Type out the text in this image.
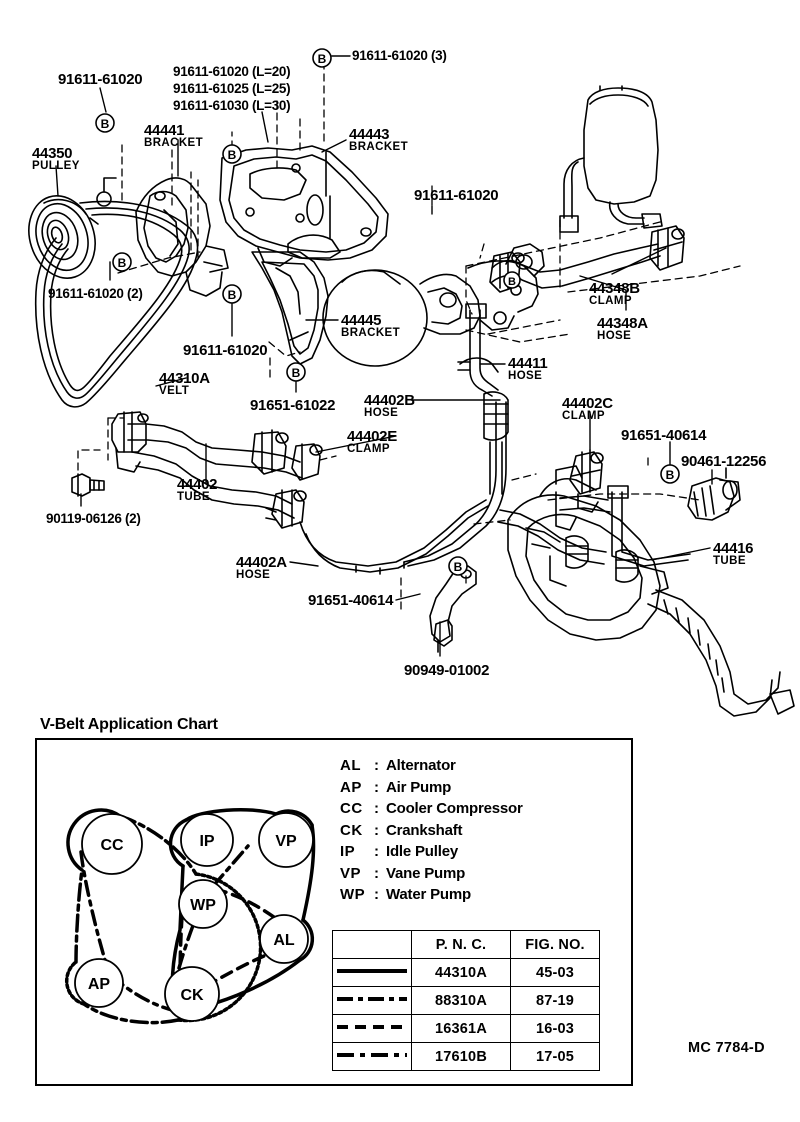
B
B
B
B
B
B
B
B
B
91611-61020 91611-61020 (L=20)
91611-61025 (L=25)
91611-61030 (L=30)
91611-61020 (3)
44441
BRACKET
44443
BRACKET
44350
PULLEY
91611-61020
44348B
CLAMP
44348A
HOSE
91611-61020 (2)
91611-61020
44445
BRACKET
44411
HOSE
44310A
VELT
91651-61022 44402B
HOSE
44402C
CLAMP
44402E
CLAMP
91651-40614
90461-12256
44402
TUBE
90119-06126 (2)
44416
TUBE
44402A
HOSE
91651-40614
90949-01002
V-Belt Application Chart
CC	IP	VP
WP
AL
AP
CK
AL : Alternator
AP : Air Pump
CC : Cooler Compressor
CK : Crankshaft
IP	: Idle Pulley
VP : Vane Pump
WP : Water Pump
	P. N. C.	FIG. NO.
	44310A	45-03
	88310A	87-19
	16361A	16-03
	17610B	17-05
MC 7784-D
